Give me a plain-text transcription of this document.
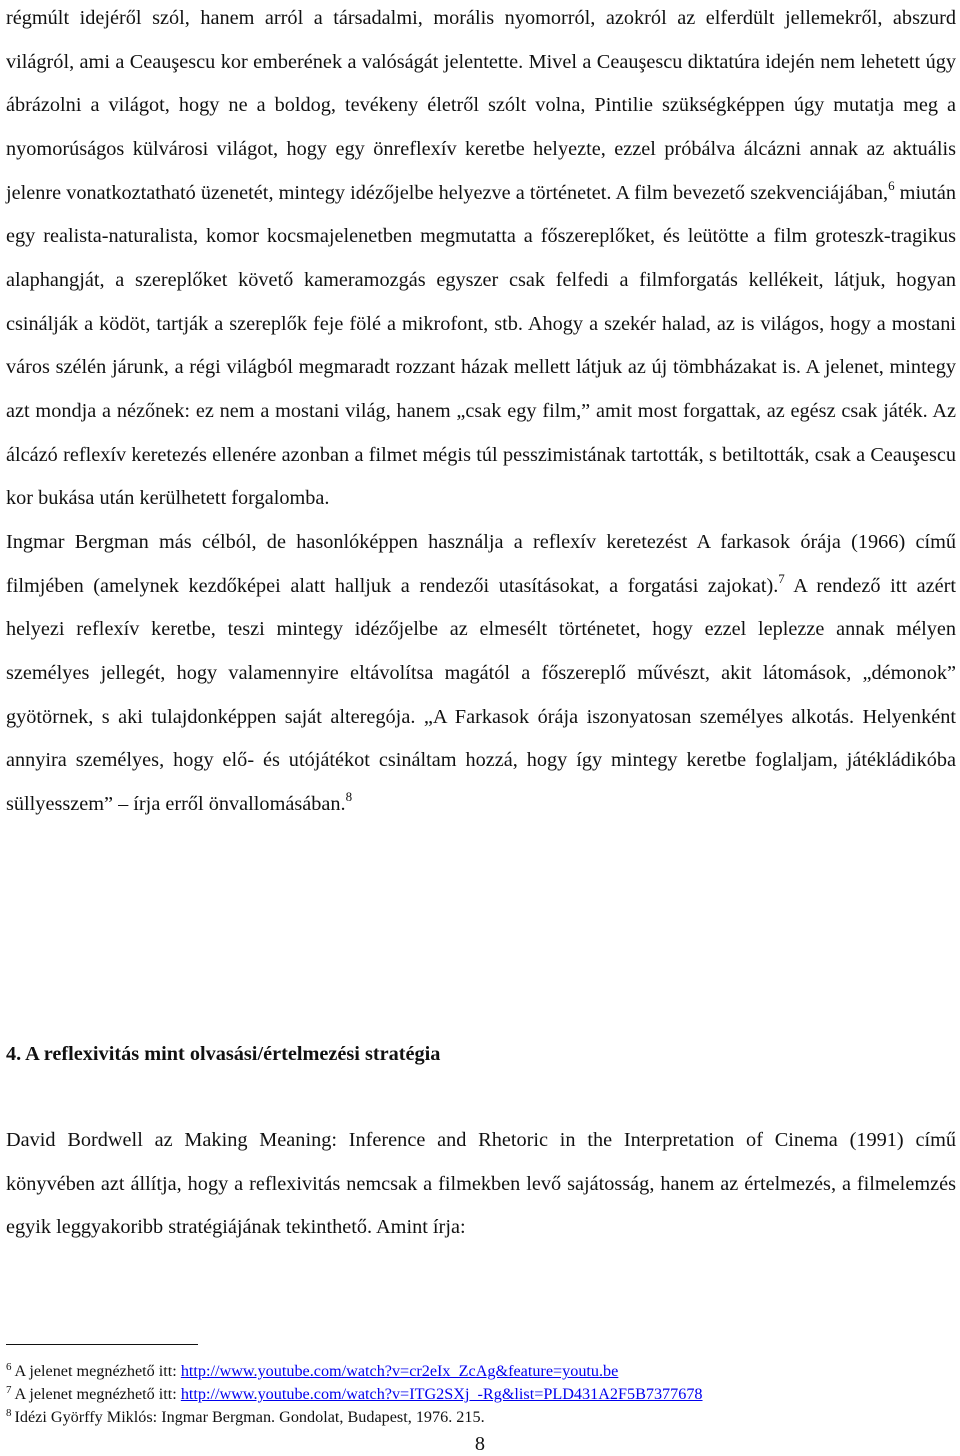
régmúlt idejéről szól, hanem arról a társadalmi, morális nyomorról, azokról az elferdült jellemekről, abszurd világról, ami a Ceauşescu kor emberének a valóságát jelentette. Mivel a Ceauşescu diktatúra idején nem lehetett úgy ábrázolni a világot, hogy ne a boldog, tevékeny életről szólt volna, Pintilie szükségképpen úgy mutatja meg a nyomorúságos külvárosi világot, hogy egy önreflexív keretbe helyezte, ezzel próbálva álcázni annak az aktuális jelenre vonatkoztatható üzenetét, mintegy idézőjelbe helyezve a történetet. A film bevezető szekvenciájában,$^6$ miután egy realista-naturalista, komor kocsmajelenetben megmutatta a főszereplőket, és leütötte a film groteszk-tragikus alaphangját, a szereplőket követő kameramozgás egyszer csak felfedi a filmforgatás kellékeit, látjuk, hogyan csinálják a ködöt, tartják a szereplők feje fölé a mikrofont, stb. Ahogy a szekér halad, az is világos, hogy a mostani város szélén járunk, a régi világból megmaradt rozzant házak mellett látjuk az új tömbházakat is. A jelenet, mintegy azt mondja a nézőnek: ez nem a mostani világ, hanem „csak egy film,” amit most forgattak, az egész csak játék. Az álcázó reflexív keretezés ellenére azonban a filmet mégis túl pesszimistának tartották, s betiltották, csak a Ceauşescu kor bukása után kerülhetett forgalomba.

Ingmar Bergman más célból, de hasonlóképpen használja a reflexív keretezést A farkasok órája (1966) című filmjében (amelynek kezdőképei alatt halljuk a rendezői utasításokat, a forgatási zajokat).$^7$ A rendező itt azért helyezi reflexív keretbe, teszi mintegy idézőjelbe az elmesélt történetet, hogy ezzel leplezze annak mélyen személyes jellegét, hogy valamennyire eltávolítsa magától a főszereplő művészt, akit látomások, „démonok” gyötörnek, s aki tulajdonképpen saját alteregója. „A Farkasok órája iszonyatosan személyes alkotás. Helyenként annyira személyes, hogy elő- és utójátékot csináltam hozzá, hogy így mintegy keretbe foglaljam, játékládikóba süllyesszem” – írja erről önvallomásában.$^8$

4. A reflexivitás mint olvasási/értelmezési stratégia

David Bordwell az Making Meaning: Inference and Rhetoric in the Interpretation of Cinema (1991) című könyvében azt állítja, hogy a reflexivitás nemcsak a filmekben levő sajátosság, hanem az értelmezés, a filmelemzés egyik leggyakoribb stratégiájának tekinthető. Amint írja:

$^6$ A jelenet megnézhető itt: http://www.youtube.com/watch?v=cr2eIx_ZcAg&feature=youtu.be
$^7$ A jelenet megnézhető itt: http://www.youtube.com/watch?v=ITG2SXj_-Rg&list=PLD431A2F5B7377678
$^8$ Idézi Györffy Miklós: Ingmar Bergman. Gondolat, Budapest, 1976. 215.
8
